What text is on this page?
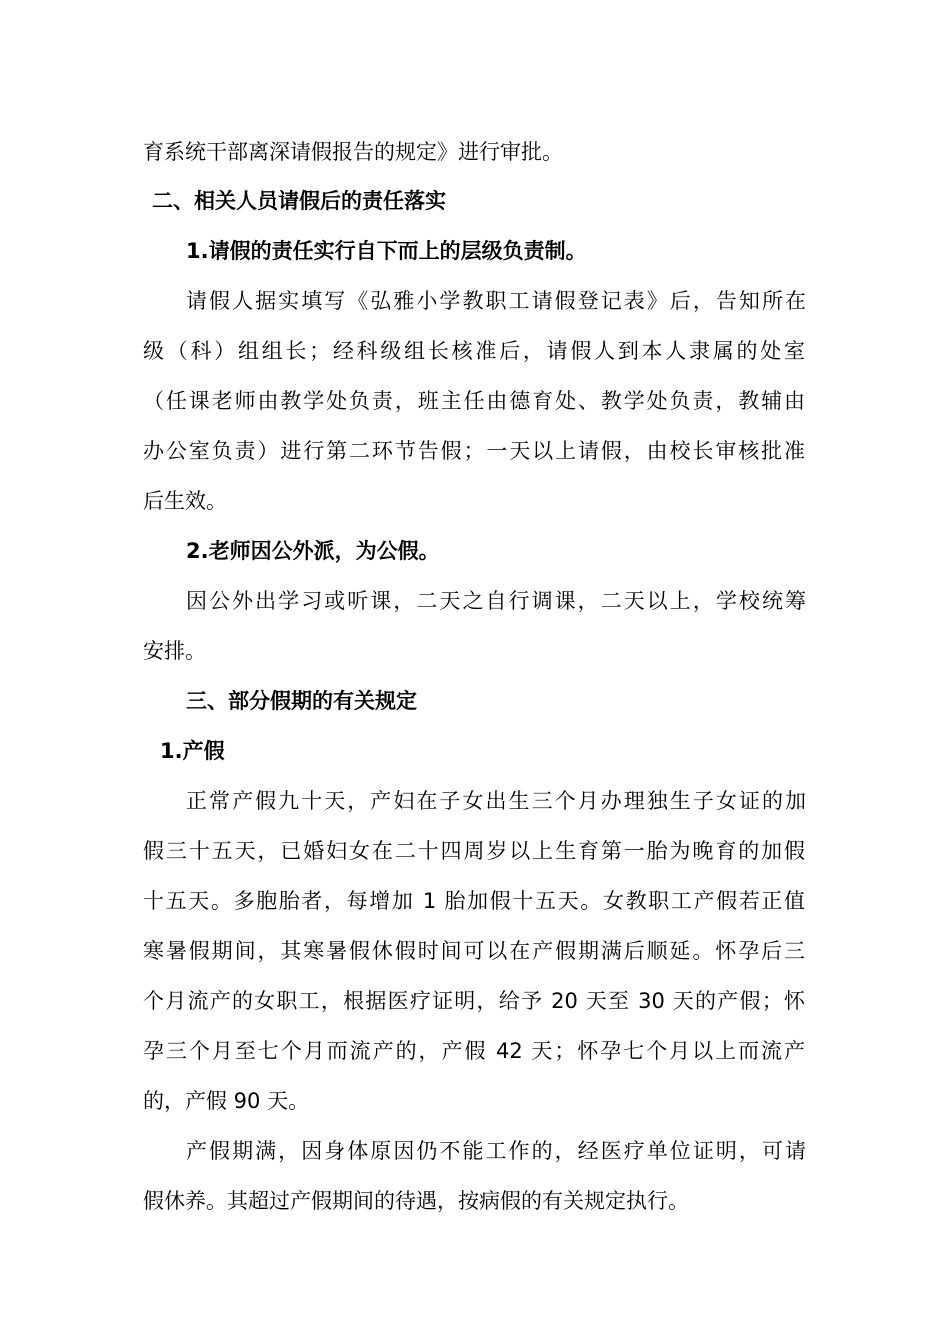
育系统干部离深请假报告的规定》进行审批。
二、相关人员请假后的责任落实
1.请假的责任实行自下而上的层级负责制。
请假人据实填写《弘雅小学教职工请假登记表》后，告知所在
级（科）组组长；经科级组长核准后，请假人到本人隶属的处室
（任课老师由教学处负责，班主任由德育处、教学处负责，教辅由
办公室负责）进行第二环节告假；一天以上请假，由校长审核批准
后生效。
2.老师因公外派，为公假。
因公外出学习或听课，二天之自行调课，二天以上，学校统筹
安排。
三、部分假期的有关规定
1.产假
正常产假九十天，产妇在子女出生三个月办理独生子女证的加
假三十五天，已婚妇女在二十四周岁以上生育第一胎为晚育的加假
十五天。多胞胎者，每增加 1 胎加假十五天。女教职工产假若正值
寒暑假期间，其寒暑假休假时间可以在产假期满后顺延。怀孕后三
个月流产的女职工，根据医疗证明，给予 20 天至 30 天的产假；怀
孕三个月至七个月而流产的，产假 42 天；怀孕七个月以上而流产
的，产假 90 天。
产假期满，因身体原因仍不能工作的，经医疗单位证明，可请
假休养。其超过产假期间的待遇，按病假的有关规定执行。
